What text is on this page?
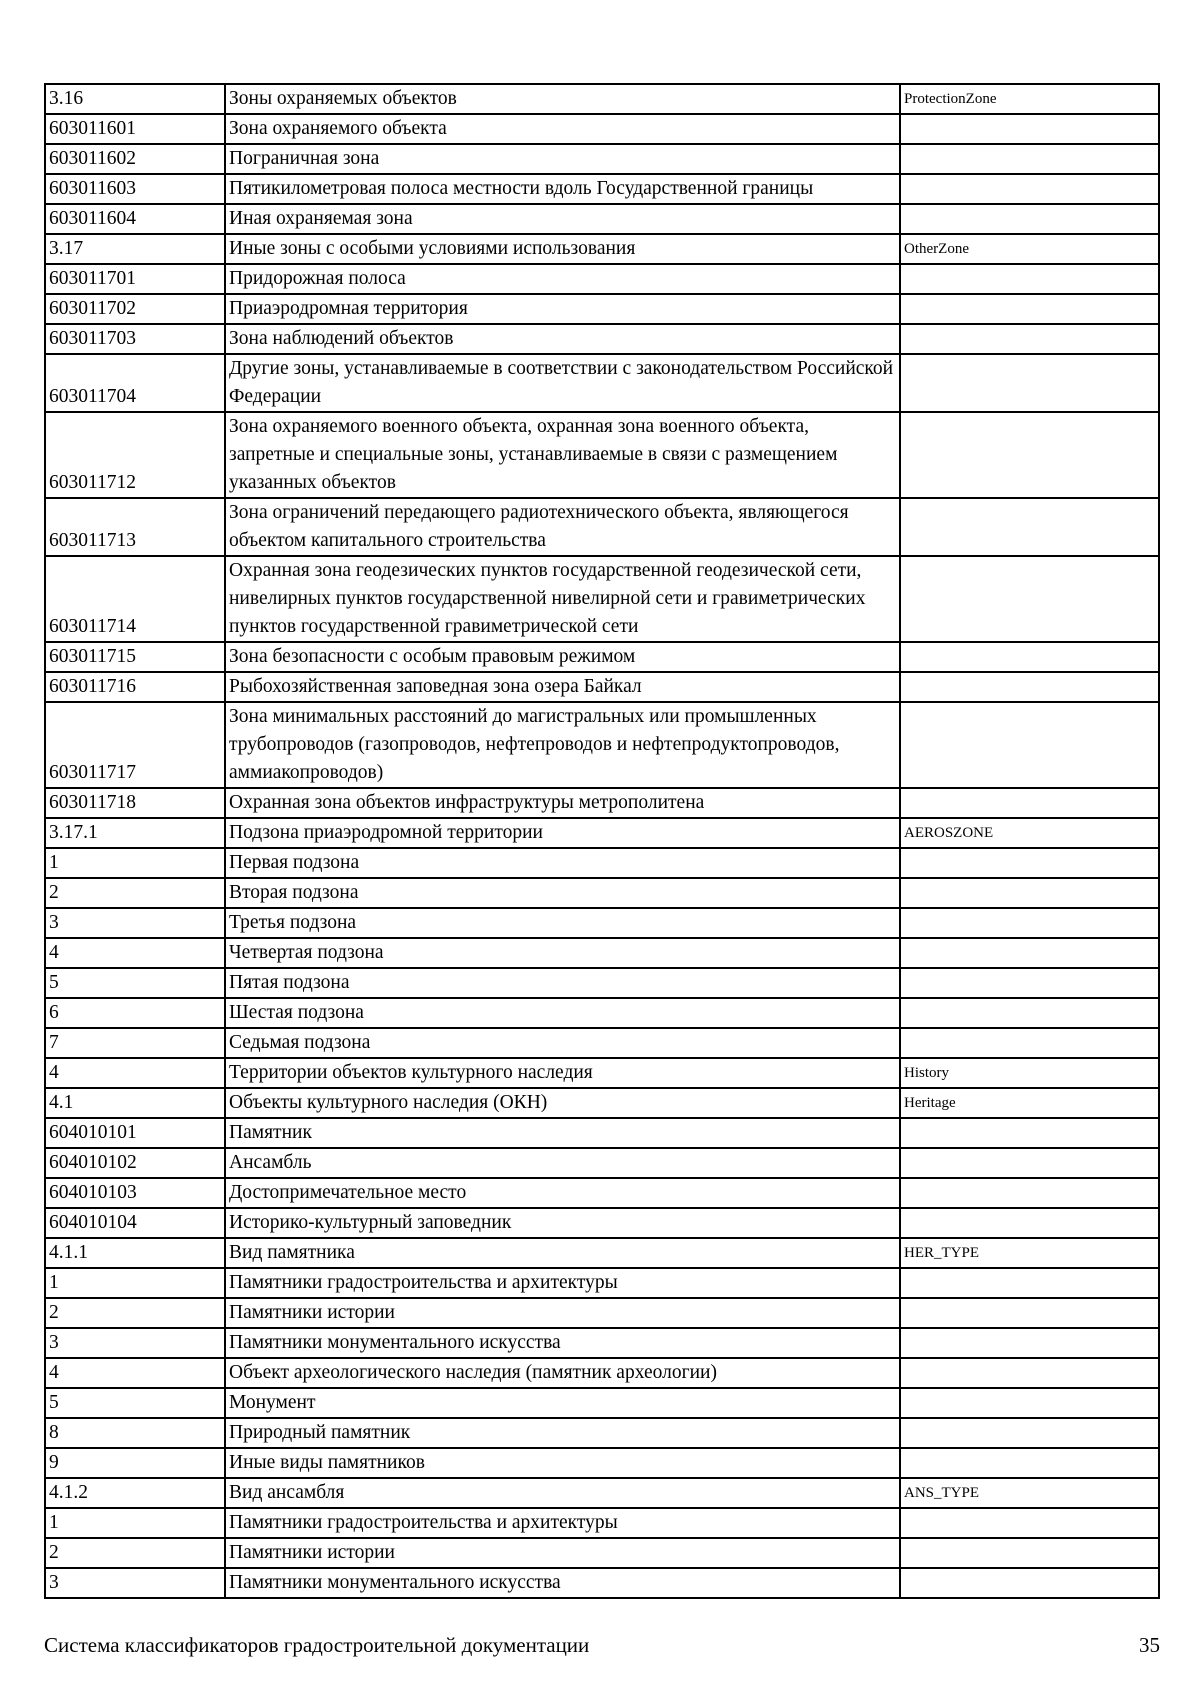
3.16	Зоны охраняемых объектов	ProtectionZone
603011601	Зона охраняемого объекта	
603011602	Пограничная зона	
603011603	Пятикилометровая полоса местности вдоль Государственной границы	
603011604	Иная охраняемая зона	
3.17	Иные зоны с особыми условиями использования	OtherZone
603011701	Придорожная полоса	
603011702	Приаэродромная территория	
603011703	Зона наблюдений объектов	
603011704	Другие зоны, устанавливаемые в соответствии с законодательством Российской Федерации	
603011712	Зона охраняемого военного объекта, охранная зона военного объекта, запретные и специальные зоны, устанавливаемые в связи с размещением указанных объектов	
603011713	Зона ограничений передающего радиотехнического объекта, являющегося объектом капитального строительства	
603011714	Охранная зона геодезических пунктов государственной геодезической сети, нивелирных пунктов государственной нивелирной сети и гравиметрических пунктов государственной гравиметрической сети	
603011715	Зона безопасности с особым правовым режимом	
603011716	Рыбохозяйственная заповедная зона озера Байкал	
603011717	Зона минимальных расстояний до магистральных или промышленных трубопроводов (газопроводов, нефтепроводов и нефтепродуктопроводов, аммиакопроводов)	
603011718	Охранная зона объектов инфраструктуры метрополитена	
3.17.1	Подзона приаэродромной территории	AEROSZONE
1	Первая подзона	
2	Вторая подзона	
3	Третья подзона	
4	Четвертая подзона	
5	Пятая подзона	
6	Шестая подзона	
7	Седьмая подзона	
4	Территории объектов культурного наследия	History
4.1	Объекты культурного наследия (ОКН)	Heritage
604010101	Памятник	
604010102	Ансамбль	
604010103	Достопримечательное место	
604010104	Историко-культурный заповедник	
4.1.1	Вид памятника	HER_TYPE
1	Памятники градостроительства и архитектуры	
2	Памятники истории	
3	Памятники монументального искусства	
4	Объект археологического наследия (памятник археологии)	
5	Монумент	
8	Природный памятник	
9	Иные виды памятников	
4.1.2	Вид ансамбля	ANS_TYPE
1	Памятники градостроительства и архитектуры	
2	Памятники истории	
3	Памятники монументального искусства	
Система классификаторов градостроительной документации	35
